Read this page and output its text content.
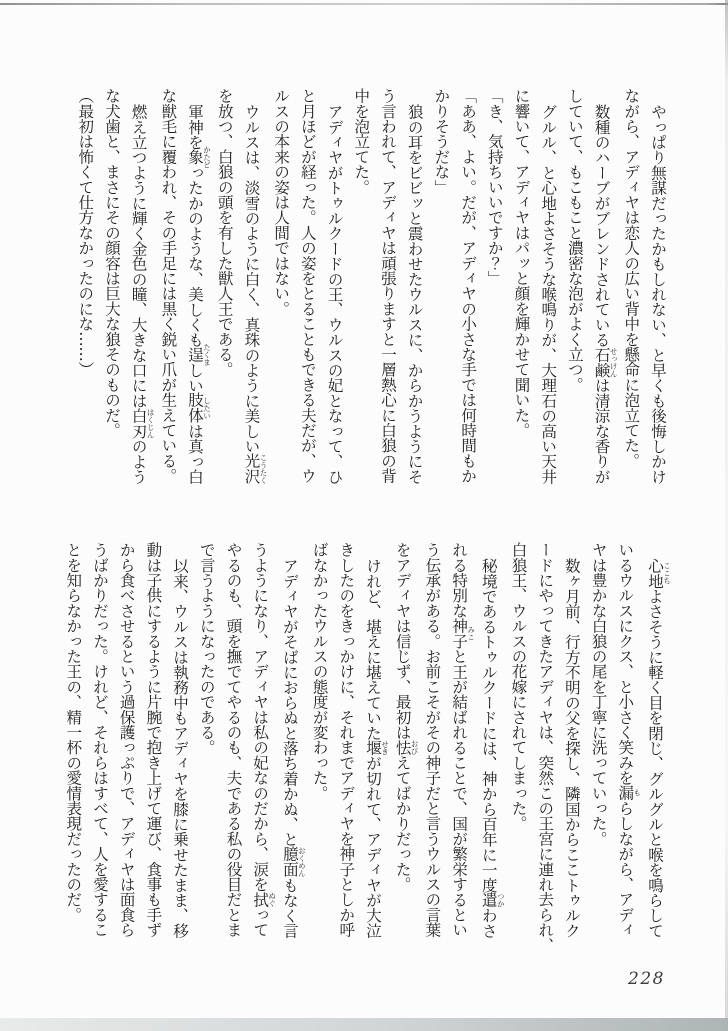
やっぱり無謀だったかもしれない、と早くも後悔しかけ
ながら、アディヤは恋人の広い背中を懸命に泡立てた。
数種のハーブがブレンドされている石鹸せっけんは清涼な香りが
していて、もこもこと濃密な泡がよく立つ。
グルル、と心地よさそうな喉鳴りが、大理石の高い天井
に響いて、アディヤはパッと顔を輝かせて聞いた。
「き、気持ちいいですか？」
「ああ、よい。だが、アディヤの小さな手では何時間もか
かりそうだな」
狼の耳をビビッと震わせたウルスに、からかうようにそ
う言われて、アディヤは頑張りますと一層熱心に白狼の背
中を泡立てた。
アディヤがトゥルクードの王、ウルスの妃となって、ひ
と月ほどが経った。人の姿をとることもできる夫だが、ウ
ルスの本来の姿は人間ではない。
ウルスは、淡雪のように白く、真珠のように美しい光沢こうたく
を放つ、白狼の頭を有した獣人王である。
軍神を象かたどったかのような、美しくも逞たくましい肢体したいは真っ白
な獣毛に覆われ、その手足には黒く鋭い爪が生えている。
燃え立つように輝く金色の瞳、大きな口には白刃はくじんのよう
な犬歯と、まさにその顔容は巨大な狼そのものだ。
（最初は怖くて仕方なかったのにな……）
心地ここちよさそうに軽く目を閉じ、グルグルと喉を鳴らして
いるウルスにクス、と小さく笑みを漏もらしながら、アディ
ヤは豊かな白狼の尾を丁寧に洗っていった。
数ヶ月前、行方不明の父を探し、隣国からここトゥルク
ードにやってきたアディヤは、突然この王宮に連れ去られ、
白狼王、ウルスの花嫁にされてしまった。
秘境であるトゥルクードには、神から百年に一度遣つかわさ
れる特別な神子みこと王が結ばれることで、国が繁栄するとい
う伝承がある。お前こそがその神子だと言うウルスの言葉
をアディヤは信じず、最初は怯おびえてばかりだった。
けれど、堪えに堪えていた堰せきが切れて、アディヤが大泣
きしたのをきっかけに、それまでアディヤを神子としか呼
ばなかったウルスの態度が変わった。
アディヤがそばにおらぬと落ち着かぬ、と臆面おくめんもなく言
うようになり、アディヤは私の妃なのだから、涙を拭ぬぐって
やるのも、頭を撫でてやるのも、夫である私の役目だとま
で言うようになったのである。
以来、ウルスは執務中もアディヤを膝に乗せたまま、移
動は子供にするように片腕で抱き上げて運び、食事も手ず
から食べさせるという過保護っぷりで、アディヤは面食ら
うばかりだった。けれど、それらはすべて、人を愛するこ
とを知らなかった王の、精一杯の愛情表現だったのだ。
228
